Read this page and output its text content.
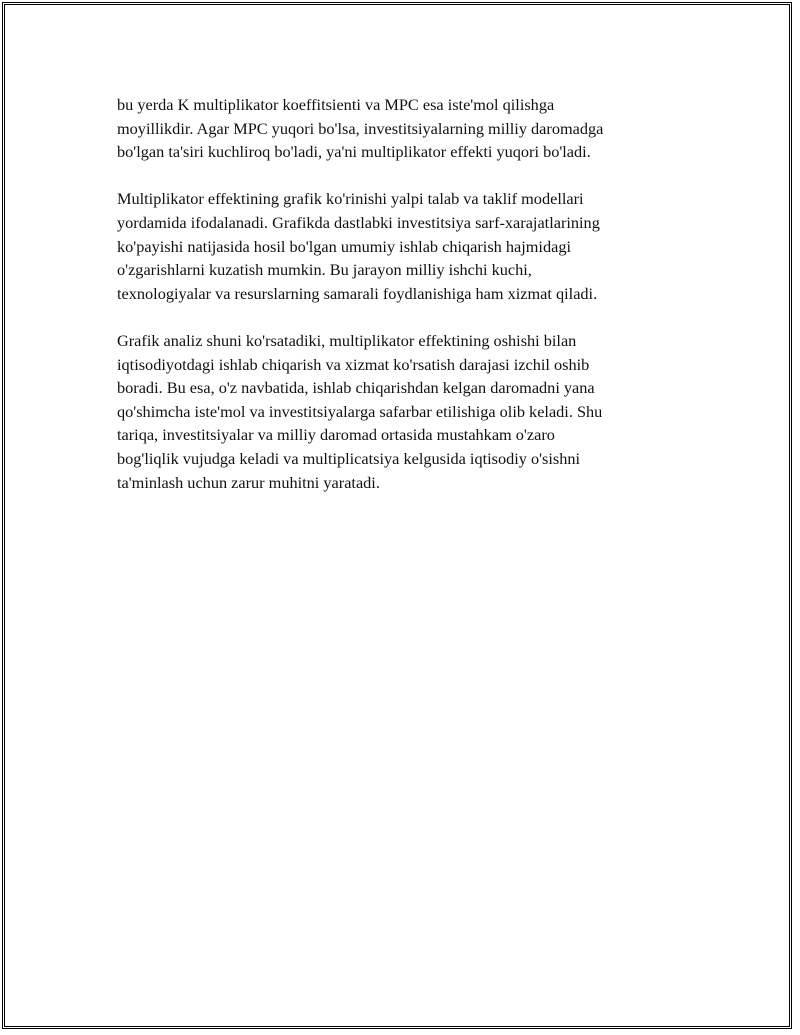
bu yerda K multiplikator koeffitsienti va MPC esa iste'mol qilishga
moyillikdir. Agar MPC yuqori bo'lsa, investitsiyalarning milliy daromadga
bo'lgan ta'siri kuchliroq bo'ladi, ya'ni multiplikator effekti yuqori bo'ladi.

Multiplikator effektining grafik ko'rinishi yalpi talab va taklif modellari
yordamida ifodalanadi. Grafikda dastlabki investitsiya sarf-xarajatlarining
ko'payishi natijasida hosil bo'lgan umumiy ishlab chiqarish hajmidagi
o'zgarishlarni kuzatish mumkin. Bu jarayon milliy ishchi kuchi,
texnologiyalar va resurslarning samarali foydlanishiga ham xizmat qiladi.

Grafik analiz shuni ko'rsatadiki, multiplikator effektining oshishi bilan
iqtisodiyotdagi ishlab chiqarish va xizmat ko'rsatish darajasi izchil oshib
boradi. Bu esa, o'z navbatida, ishlab chiqarishdan kelgan daromadni yana
qo'shimcha iste'mol va investitsiyalarga safarbar etilishiga olib keladi. Shu
tariqa, investitsiyalar va milliy daromad ortasida mustahkam o'zaro
bog'liqlik vujudga keladi va multiplicatsiya kelgusida iqtisodiy o'sishni
ta'minlash uchun zarur muhitni yaratadi.
